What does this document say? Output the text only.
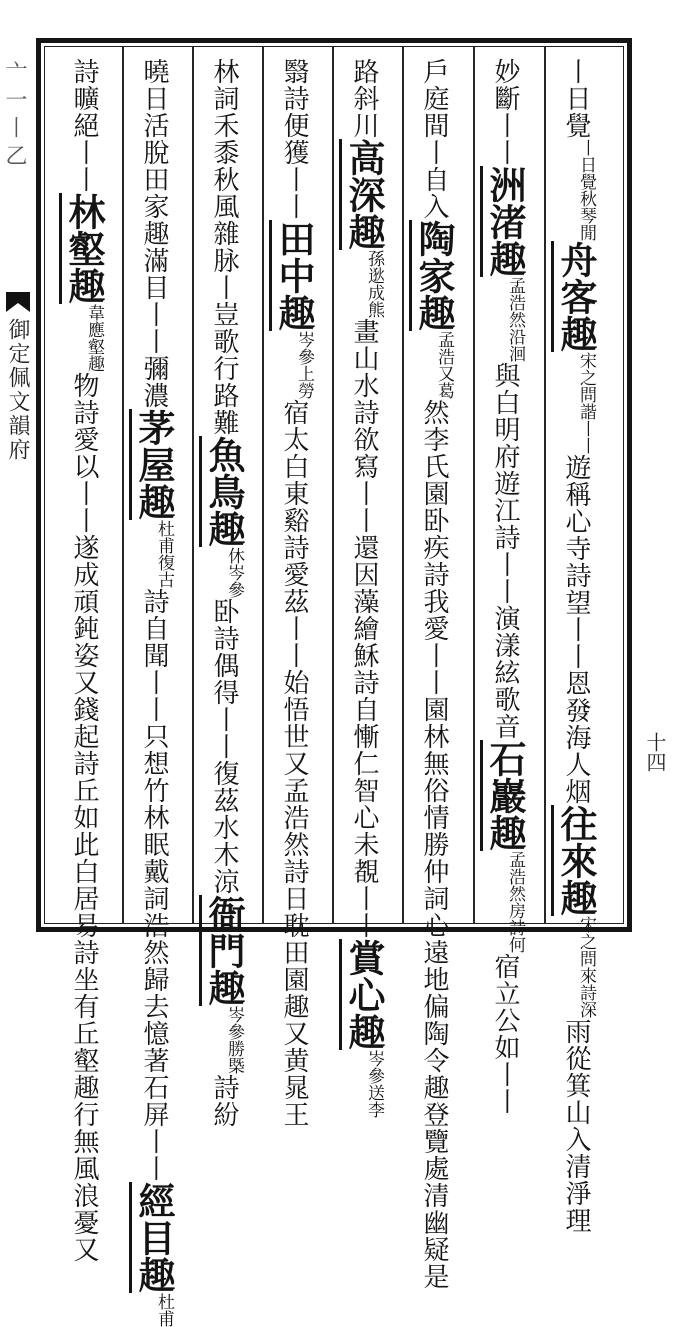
亠一丨乙
御定佩文韻府
十四
丨日覺丨日覺秋琴閒舟客趣宋之問諧丨丨遊稱心寺詩望丨丨恩發海人烟往來趣宋之問來詩深雨從箕山入清淨理
妙斷丨丨洲渚趣孟浩然沿洄與白明府遊江詩丨丨演漾絃歌音石巖趣孟浩然房詩何宿立公如丨丨
戶庭間丨自入陶家趣孟浩又葛然李氏園卧疾詩我愛丨丨園林無俗情勝仲詞心遠地偏陶令趣登覽處清幽疑是
路斜川高深趣孫逖成熊畫山水詩欲寫丨丨還因藻繪穌詩自慚仁智心未覩丨丨賞心趣岑參送李
翳詩便獲丨丨田中趣岑參上勞宿太白東谿詩愛茲丨丨始悟世又孟浩然詩日耽田園趣又黄晁王
林詞禾黍秋風雜脉丨豈歌行路難魚鳥趣休岑參卧詩偶得丨丨復茲水木涼衙門趣岑參勝槩詩紛
曉日活脫田家趣滿目丨丨彌濃茅屋趣杜甫復古詩自聞丨丨只想竹林眠戴詞浩然歸去憶著石屏丨丨經目趣杜甫
詩曠絕丨丨林壑趣韋應壑趣物詩愛以丨丨遂成頑鈍姿又錢起詩丘如此白居易詩坐有丘壑趣行無風浪憂又
